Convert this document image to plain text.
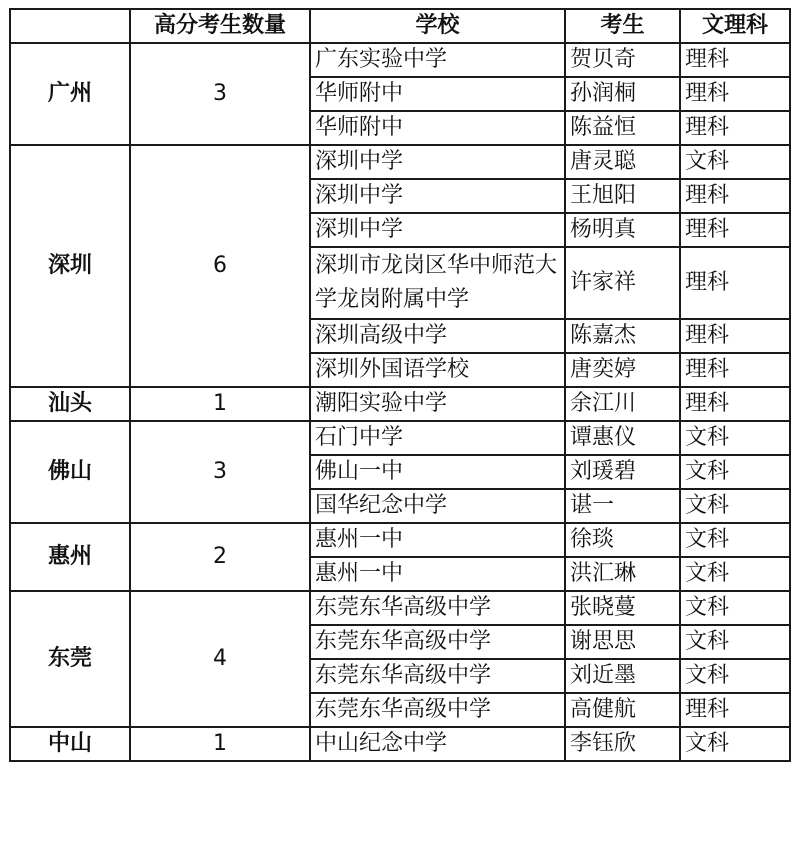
	高分考生数量	学校	考生	文理科
广州	3	广东实验中学	贺贝奇	理科
		华师附中	孙润桐	理科
		华师附中	陈益恒	理科
深圳	6	深圳中学	唐灵聪	文科
		深圳中学	王旭阳	理科
		深圳中学	杨明真	理科
		深圳市龙岗区华中师范大学龙岗附属中学	许家祥	理科
		深圳高级中学	陈嘉杰	理科
		深圳外国语学校	唐奕婷	理科
汕头	1	潮阳实验中学	余江川	理科
佛山	3	石门中学	谭惠仪	文科
		佛山一中	刘瑗碧	文科
		国华纪念中学	谌一	文科
惠州	2	惠州一中	徐琰	文科
		惠州一中	洪汇琳	文科
东莞	4	东莞东华高级中学	张晓蔓	文科
		东莞东华高级中学	谢思思	文科
		东莞东华高级中学	刘近墨	文科
		东莞东华高级中学	高健航	理科
中山	1	中山纪念中学	李钰欣	文科
